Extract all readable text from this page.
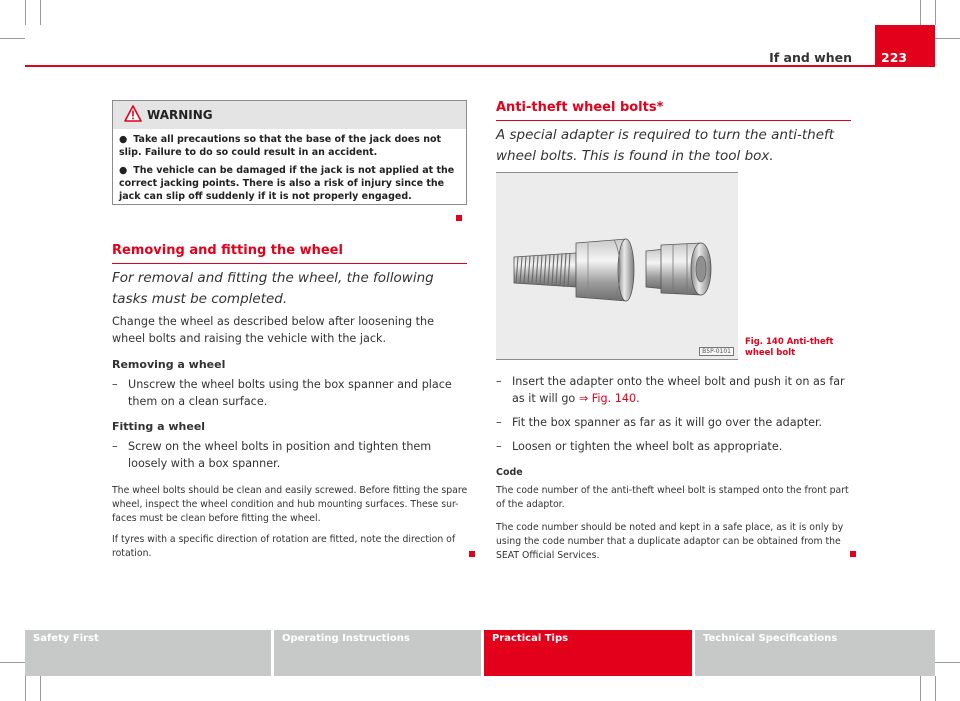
If and when 223
WARNING
● Take all precautions so that the base of the jack does not slip. Failure to do so could result in an accident.
● The vehicle can be damaged if the jack is not applied at the correct jacking points. There is also a risk of injury since the jack can slip off suddenly if it is not properly engaged.
Removing and fitting the wheel
For removal and fitting the wheel, the following tasks must be completed.
Change the wheel as described below after loosening the wheel bolts and raising the vehicle with the jack.
Removing a wheel
– Unscrew the wheel bolts using the box spanner and place them on a clean surface.
Fitting a wheel
– Screw on the wheel bolts in position and tighten them loosely with a box spanner.
The wheel bolts should be clean and easily screwed. Before fitting the spare wheel, inspect the wheel condition and hub mounting surfaces. These sur-faces must be clean before fitting the wheel.
If tyres with a specific direction of rotation are fitted, note the direction of rotation.
Anti-theft wheel bolts*
A special adapter is required to turn the anti-theft wheel bolts. This is found in the tool box.
B5P-0101
Fig. 140 Anti-theft
wheel bolt
– Insert the adapter onto the wheel bolt and push it on as far as it will go ⇒ Fig. 140.
– Fit the box spanner as far as it will go over the adapter.
– Loosen or tighten the wheel bolt as appropriate.
Code
The code number of the anti-theft wheel bolt is stamped onto the front part of the adaptor.
The code number should be noted and kept in a safe place, as it is only by using the code number that a duplicate adaptor can be obtained from the SEAT Official Services.
Safety First	Operating Instructions	Practical Tips	Technical Specifications
